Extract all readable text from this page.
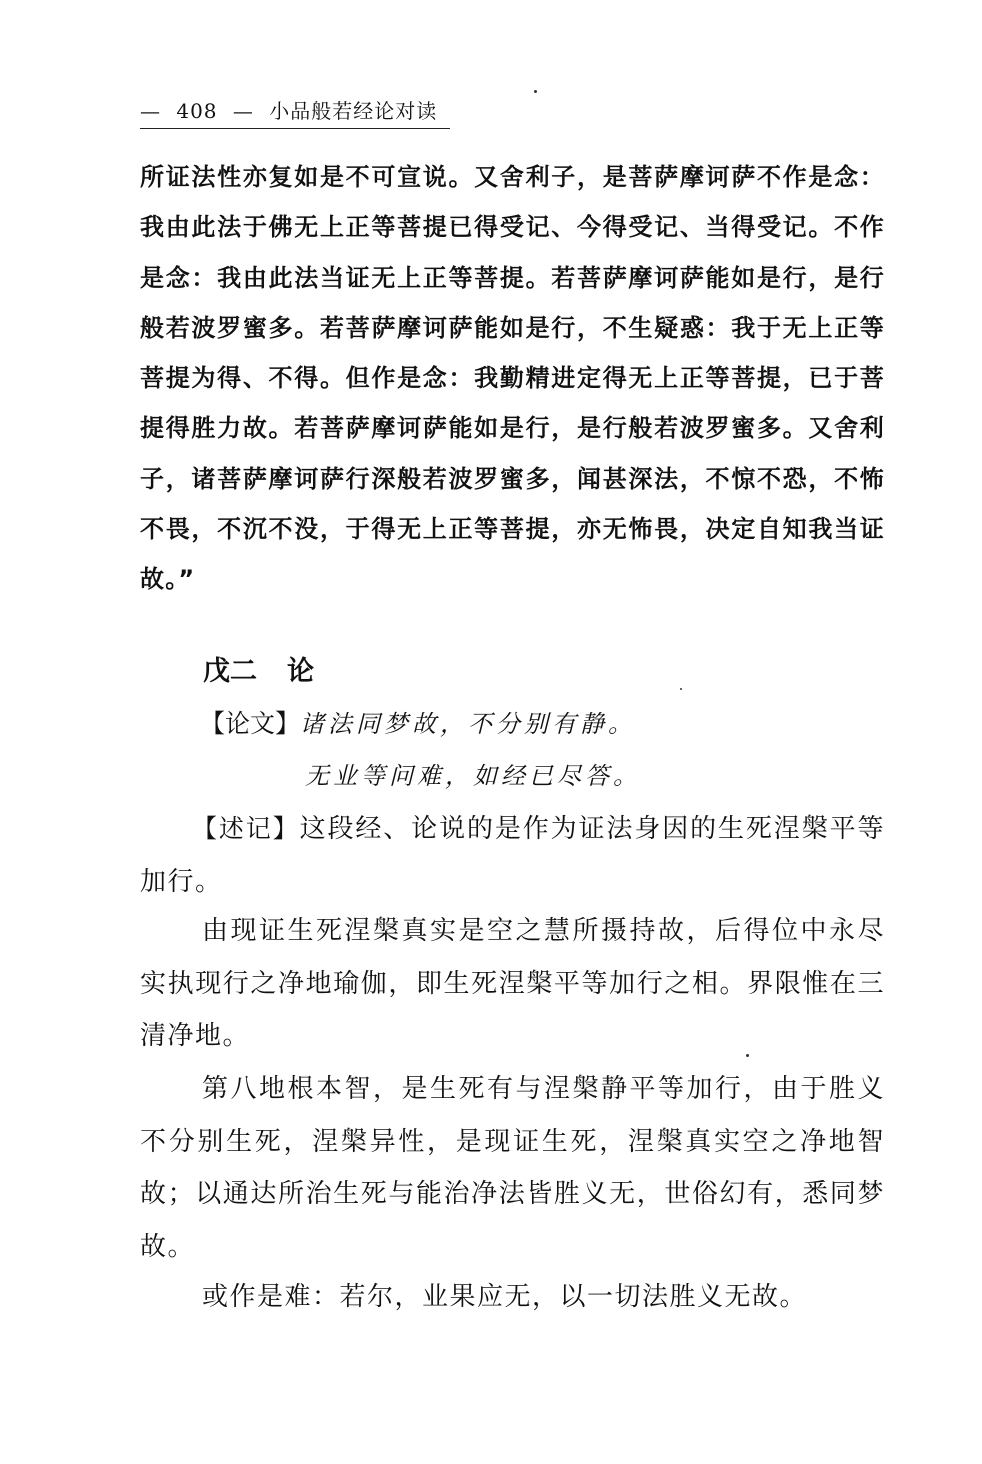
— 408 — 小品般若经论对读
所证法性亦复如是不可宣说。又舍利子，是菩萨摩诃萨不作是念：我由此法于佛无上正等菩提已得受记、今得受记、当得受记。不作是念：我由此法当证无上正等菩提。若菩萨摩诃萨能如是行，是行般若波罗蜜多。若菩萨摩诃萨能如是行，不生疑惑：我于无上正等菩提为得、不得。但作是念：我勤精进定得无上正等菩提，已于菩提得胜力故。若菩萨摩诃萨能如是行，是行般若波罗蜜多。又舍利子，诸菩萨摩诃萨行深般若波罗蜜多，闻甚深法，不惊不恐，不怖不畏，不沉不没，于得无上正等菩提，亦无怖畏，决定自知我当证故。”
戊二 论
【论文】诸法同梦故，不分别有静。
无业等问难，如经已尽答。

【述记】这段经、论说的是作为证法身因的生死涅槃平等加行。

由现证生死涅槃真实是空之慧所摄持故，后得位中永尽实执现行之净地瑜伽，即生死涅槃平等加行之相。界限惟在三清净地。

第八地根本智，是生死有与涅槃静平等加行，由于胜义不分别生死，涅槃异性，是现证生死，涅槃真实空之净地智故；以通达所治生死与能治净法皆胜义无，世俗幻有，悉同梦故。

或作是难：若尔，业果应无，以一切法胜义无故。
